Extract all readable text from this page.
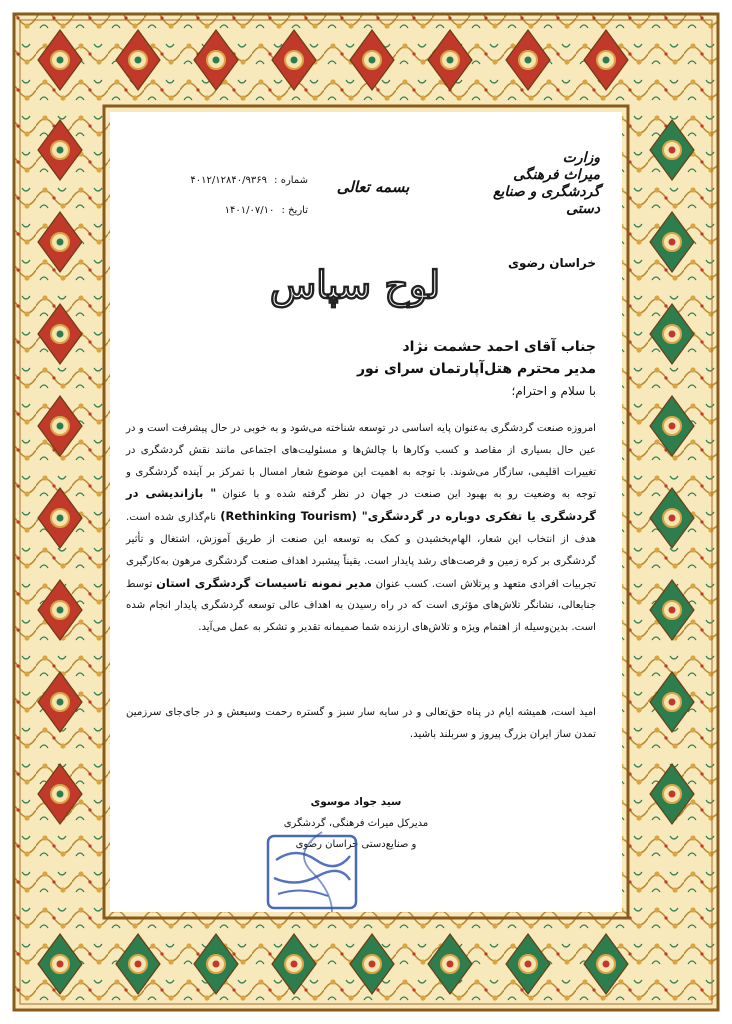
وزارت
میراث فرهنگی
گردشگری و صنایع دستی
خراسان رضوی
بسمه تعالی
شماره : ۴۰۱۲/۱۲۸۴۰/۹۳۶۹
تاریخ : ۱۴۰۱/۰۷/۱۰
لوح سپاس
جناب آقای احمد حشمت نژاد
مدیر محترم هتل‌آپارتمان سرای نور
با سلام و احترام؛
امروزه صنعت گردشگری به‌عنوان پایه اساسی در توسعه شناخته می‌شود و به خوبی در حال پیشرفت است و در عین حال بسیاری از مقاصد و کسب وکارها با چالش‌ها و مسئولیت‌های اجتماعی مانند نقش گردشگری در تغییرات اقلیمی، سازگار می‌شوند. با توجه به اهمیت این موضوع شعار امسال با تمرکز بر آینده گردشگری و توجه به وضعیت رو به بهبود این صنعت در جهان در نظر گرفته شده و با عنوان " بازاندیشی در گردشگری یا تفکری دوباره در گردشگری" (Rethinking Tourism) نام‌گذاری شده است. هدف از انتخاب این شعار، الهام‌بخشیدن و کمک به توسعه این صنعت از طریق آموزش، اشتغال و تأثیر گردشگری بر کره زمین و فرصت‌های رشد پایدار است. یقیناً پیشبرد اهداف صنعت گردشگری مرهون به‌کارگیری تجربیات افرادی متعهد و پرتلاش است. کسب عنوان مدیر نمونه تاسیسات گردشگری استان توسط جنابعالی، نشانگر تلاش‌های مؤثری است که در راه رسیدن به اهداف عالی توسعه گردشگری پایدار انجام شده است. بدین‌وسیله از اهتمام ویژه و تلاش‌های ارزنده شما صمیمانه تقدیر و تشکر به عمل می‌آید.
امید است، همیشه ایام در پناه حق‌تعالی و در سایه سار سبز و گستره رحمت وسیعش و در جای‌جای سرزمین تمدن ساز ایران بزرگ پیروز و سربلند باشید.
سید جواد موسوی
مدیرکل میراث فرهنگی، گردشگری
و صنایع‌دستی خراسان رضوی
